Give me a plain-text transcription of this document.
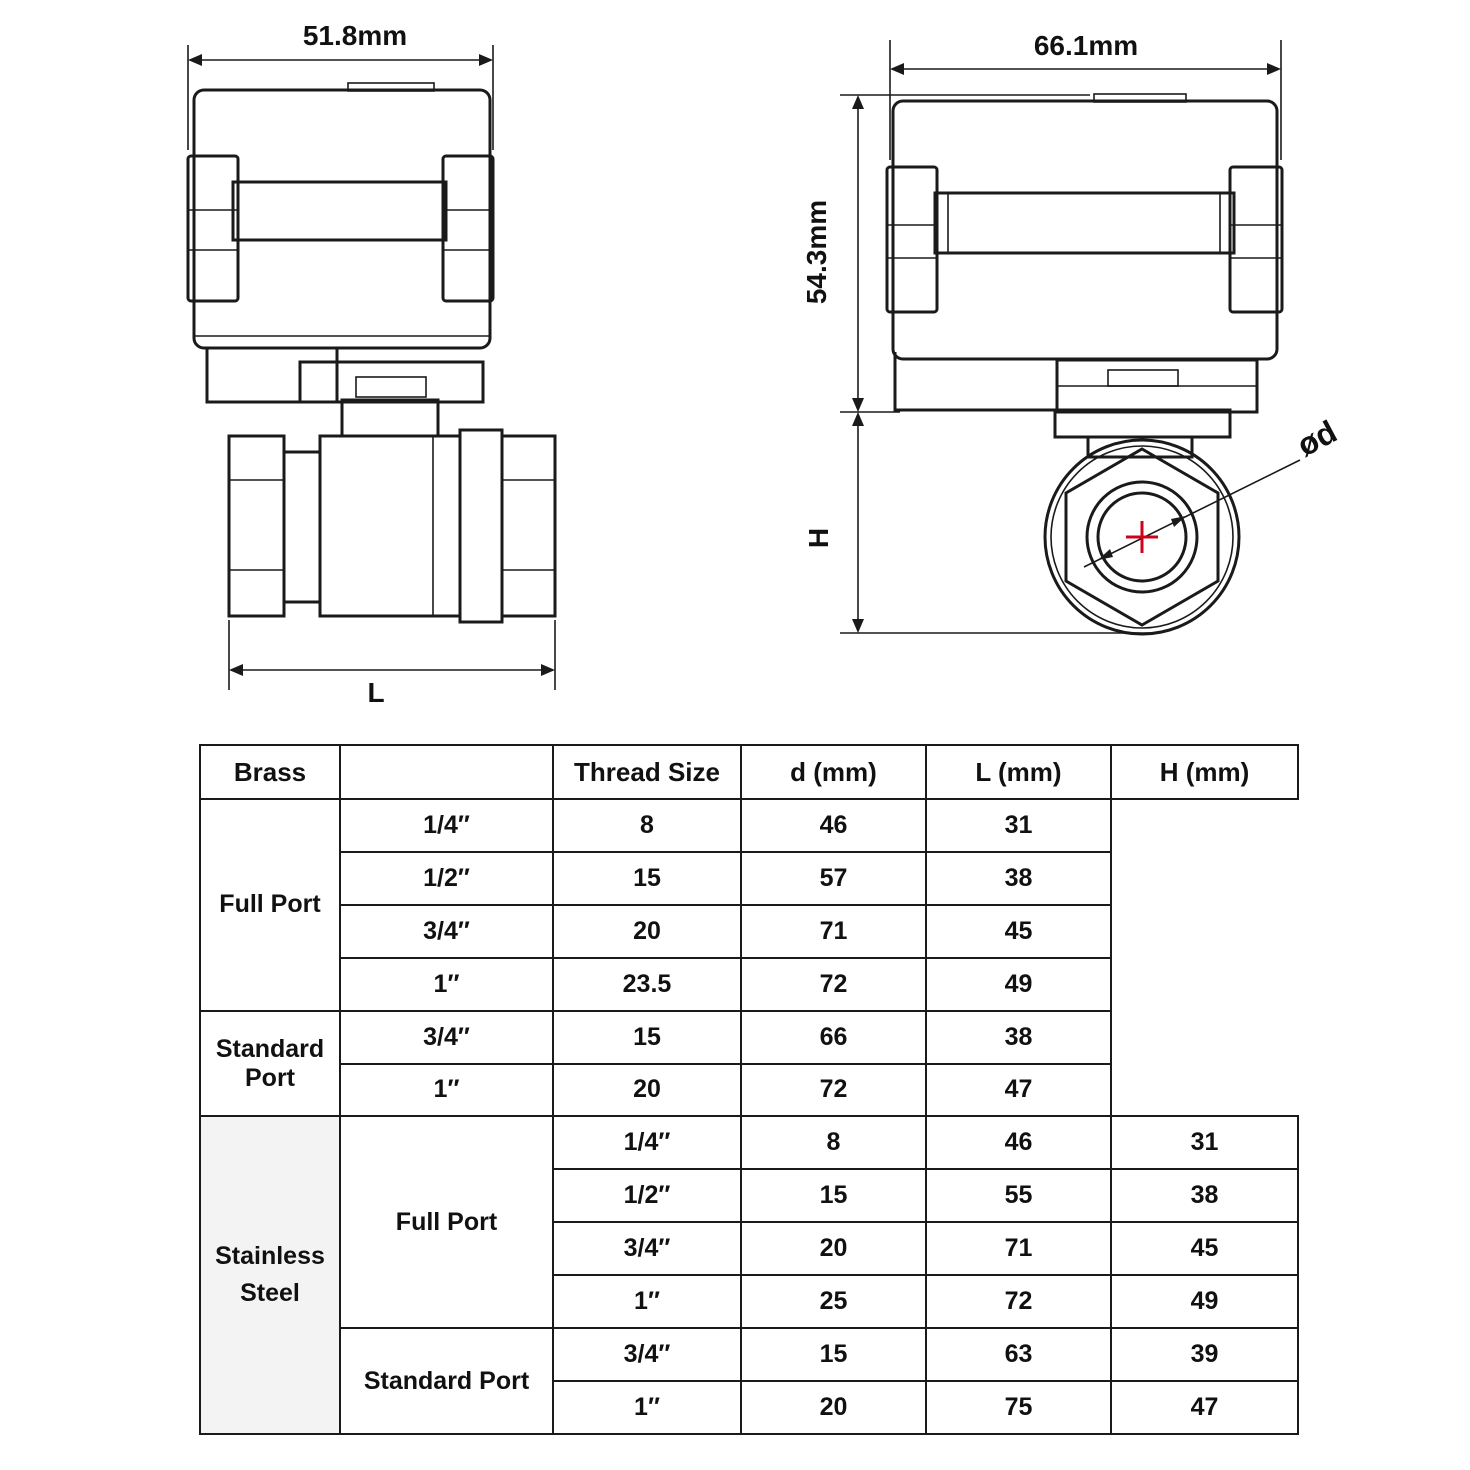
51.8mm
L
66.1mm
54.3mm
H
ød
Brass		Thread Size	d (mm)	L (mm)	H (mm)
Full Port	1/4″	8	46	31	
	1/2″	15	57	38	
	3/4″	20	71	45	
	1″	23.5	72	49	
Standard Port	3/4″	15	66	38	
	1″	20	72	47	
Stainless
Steel	Full Port	1/4″	8	46	31
		1/2″	15	55	38
		3/4″	20	71	45
		1″	25	72	49
	Standard Port	3/4″	15	63	39
		1″	20	75	47
